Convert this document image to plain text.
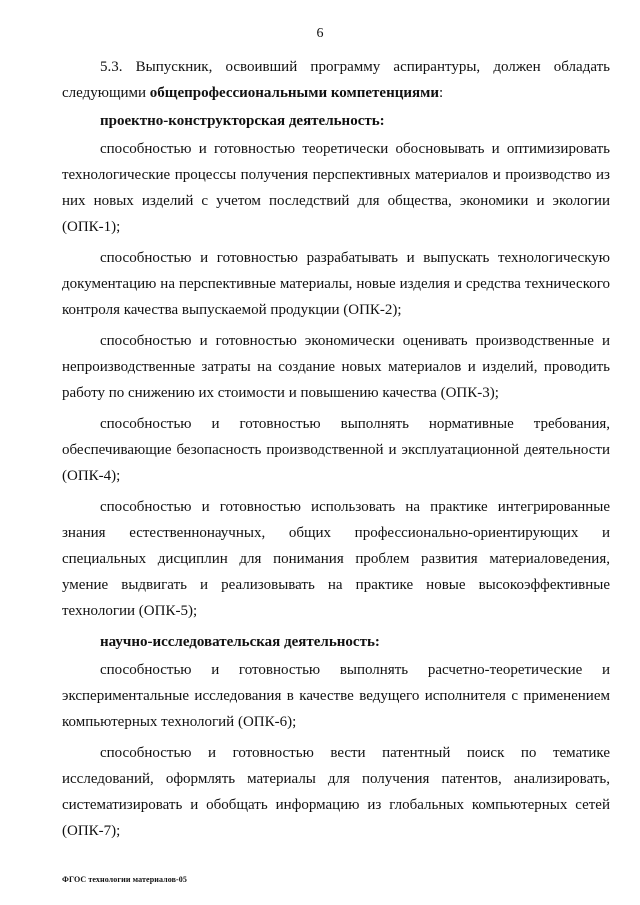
6

5.3. Выпускник, освоивший программу аспирантуры, должен обладать следующими общепрофессиональными компетенциями:

проектно-конструкторская деятельность:

способностью и готовностью теоретически обосновывать и оптимизировать технологические процессы получения перспективных материалов и производство из них новых изделий с учетом последствий для общества, экономики и экологии (ОПК-1);

способностью и готовностью разрабатывать и выпускать технологическую документацию на перспективные материалы, новые изделия и средства технического контроля качества выпускаемой продукции (ОПК-2);

способностью и готовностью экономически оценивать производственные и непроизводственные затраты на создание новых материалов и изделий, проводить работу по снижению их стоимости и повышению качества (ОПК-3);

способностью и готовностью выполнять нормативные требования, обеспечивающие безопасность производственной и эксплуатационной деятельности (ОПК-4);

способностью и готовностью использовать на практике интегрированные знания естественнонаучных, общих профессионально-ориентирующих и специальных дисциплин для понимания проблем развития материаловедения, умение выдвигать и реализовывать на практике новые высокоэффективные технологии (ОПК-5);

научно-исследовательская деятельность:

способностью и готовностью выполнять расчетно-теоретические и экспериментальные исследования в качестве ведущего исполнителя с применением компьютерных технологий (ОПК-6);

способностью и готовностью вести патентный поиск по тематике исследований, оформлять материалы для получения патентов, анализировать, систематизировать и обобщать информацию из глобальных компьютерных сетей (ОПК-7);

ФГОС технологии материалов-05
